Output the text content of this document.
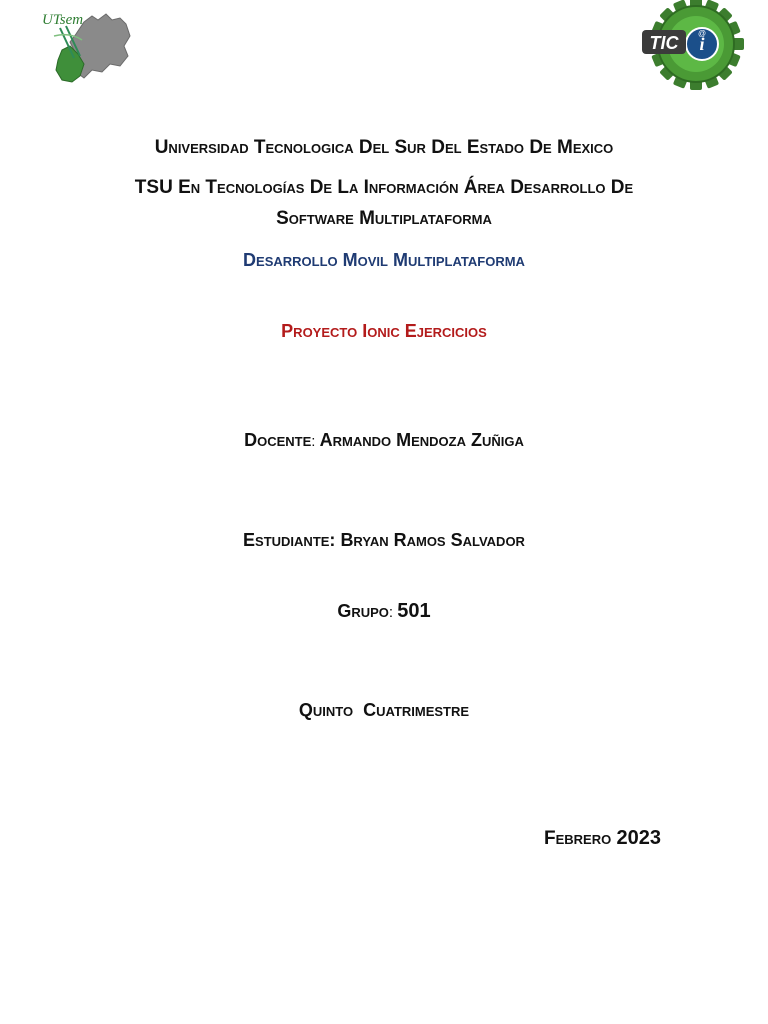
UTsem
i
@
TIC
Universidad Tecnologica Del Sur Del Estado De Mexico
TSU En Tecnologías De La Información Área Desarrollo De
Software Multiplataforma
Desarrollo Movil Multiplataforma
Proyecto Ionic Ejercicios
Docente: Armando Mendoza Zuñiga
Estudiante: Bryan Ramos Salvador
Grupo: 501
Quinto  Cuatrimestre
Febrero 2023
